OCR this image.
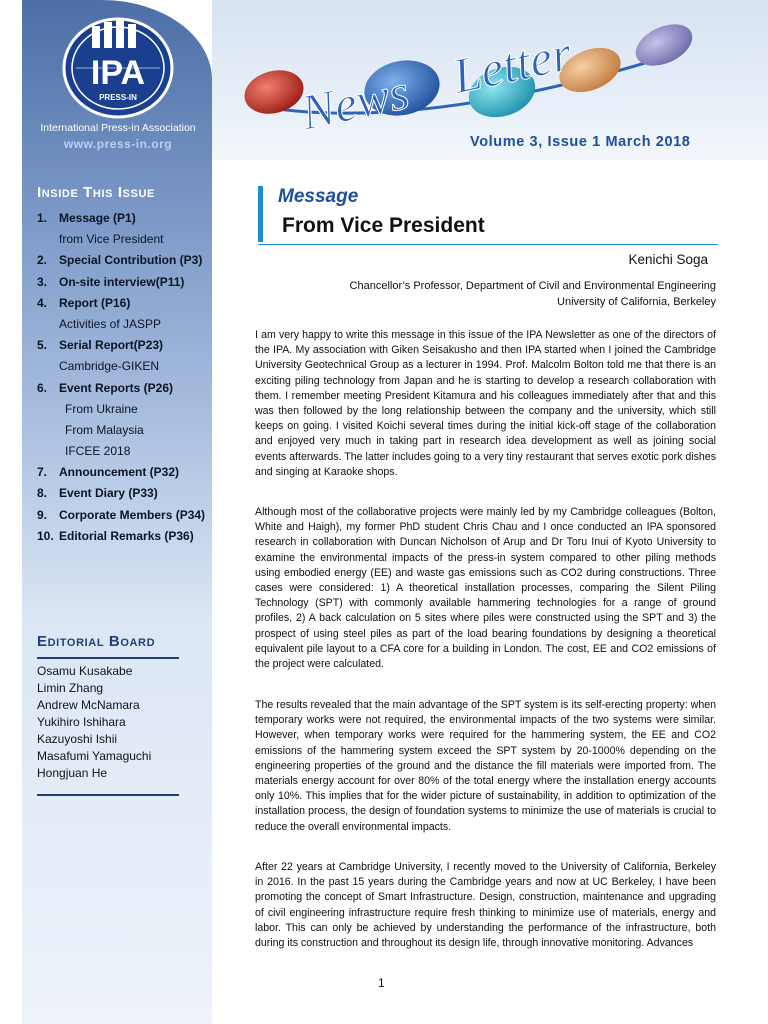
IPA
PRESS-IN
International Press-in Association
www.press-in.org
Inside This Issue
1. Message (P1)
from Vice President
2. Special Contribution (P3)
3. On-site interview(P11)
4. Report (P16)
Activities of JASPP
5. Serial Report(P23)
Cambridge-GIKEN
6. Event Reports (P26)
From Ukraine
From Malaysia
IFCEE 2018
7. Announcement (P32)
8. Event Diary (P33)
9. Corporate Members (P34)
10. Editorial Remarks (P36)
Editorial Board
Osamu Kusakabe
Limin Zhang
Andrew McNamara
Yukihiro Ishihara
Kazuyoshi Ishii
Masafumi Yamaguchi
Hongjuan He
News Letter
Volume 3, Issue 1 March 2018
Message
From Vice President
Kenichi Soga
Chancellor’s Professor, Department of Civil and Environmental Engineering
University of California, Berkeley

I am very happy to write this message in this issue of the IPA Newsletter as one of the directors of the IPA. My association with Giken Seisakusho and then IPA started when I joined the Cambridge University Geotechnical Group as a lecturer in 1994. Prof. Malcolm Bolton told me that there is an exciting piling technology from Japan and he is starting to develop a research collaboration with them. I remember meeting President Kitamura and his colleagues immediately after that and this was then followed by the long relationship between the company and the university, which still keeps on going. I visited Koichi several times during the initial kick-off stage of the collaboration and enjoyed very much in taking part in research idea development as well as joining social events afterwards. The latter includes going to a very tiny restaurant that serves exotic pork dishes and singing at Karaoke shops.

Although most of the collaborative projects were mainly led by my Cambridge colleagues (Bolton, White and Haigh), my former PhD student Chris Chau and I once conducted an IPA sponsored research in collaboration with Duncan Nicholson of Arup and Dr Toru Inui of Kyoto University to examine the environmental impacts of the press-in system compared to other piling methods using embodied energy (EE) and waste gas emissions such as CO2 during constructions. Three cases were considered: 1) A theoretical installation processes, comparing the Silent Piling Technology (SPT) with commonly available hammering technologies for a range of ground profiles, 2) A back calculation on 5 sites where piles were constructed using the SPT and 3) the prospect of using steel piles as part of the load bearing foundations by designing a theoretical equivalent pile layout to a CFA core for a building in London. The cost, EE and CO2 emissions of the project were calculated.

The results revealed that the main advantage of the SPT system is its self-erecting property: when temporary works were not required, the environmental impacts of the two systems were similar. However, when temporary works were required for the hammering system, the EE and CO2 emissions of the hammering system exceed the SPT system by 20-1000% depending on the engineering properties of the ground and the distance the fill materials were imported from. The materials energy account for over 80% of the total energy where the installation energy accounts only 10%. This implies that for the wider picture of sustainability, in addition to optimization of the installation process, the design of foundation systems to minimize the use of materials is crucial to reduce the overall environmental impacts.

After 22 years at Cambridge University, I recently moved to the University of California, Berkeley in 2016. In the past 15 years during the Cambridge years and now at UC Berkeley, I have been promoting the concept of Smart Infrastructure. Design, construction, maintenance and upgrading of civil engineering infrastructure require fresh thinking to minimize use of materials, energy and labor. This can only be achieved by understanding the performance of the infrastructure, both during its construction and throughout its design life, through innovative monitoring. Advances

1
